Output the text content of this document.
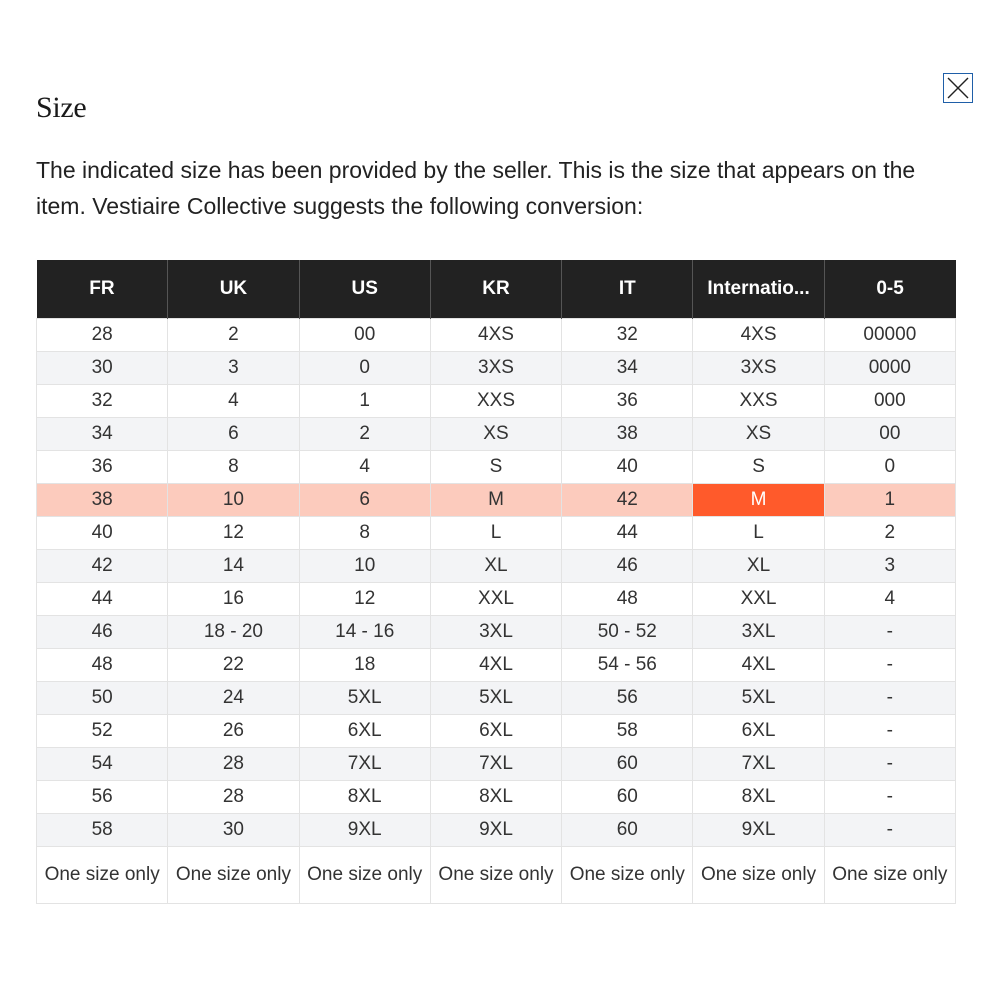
Size

The indicated size has been provided by the seller. This is the size that appears on the item. Vestiaire Collective suggests the following conversion:

FR	UK	US	KR	IT	Internatio...	0-5
28	2	00	4XS	32	4XS	00000
30	3	0	3XS	34	3XS	0000
32	4	1	XXS	36	XXS	000
34	6	2	XS	38	XS	00
36	8	4	S	40	S	0
38	10	6	M	42	M	1
40	12	8	L	44	L	2
42	14	10	XL	46	XL	3
44	16	12	XXL	48	XXL	4
46	18 - 20	14 - 16	3XL	50 - 52	3XL	-
48	22	18	4XL	54 - 56	4XL	-
50	24	5XL	5XL	56	5XL	-
52	26	6XL	6XL	58	6XL	-
54	28	7XL	7XL	60	7XL	-
56	28	8XL	8XL	60	8XL	-
58	30	9XL	9XL	60	9XL	-
One size only	One size only	One size only	One size only	One size only	One size only	One size only
